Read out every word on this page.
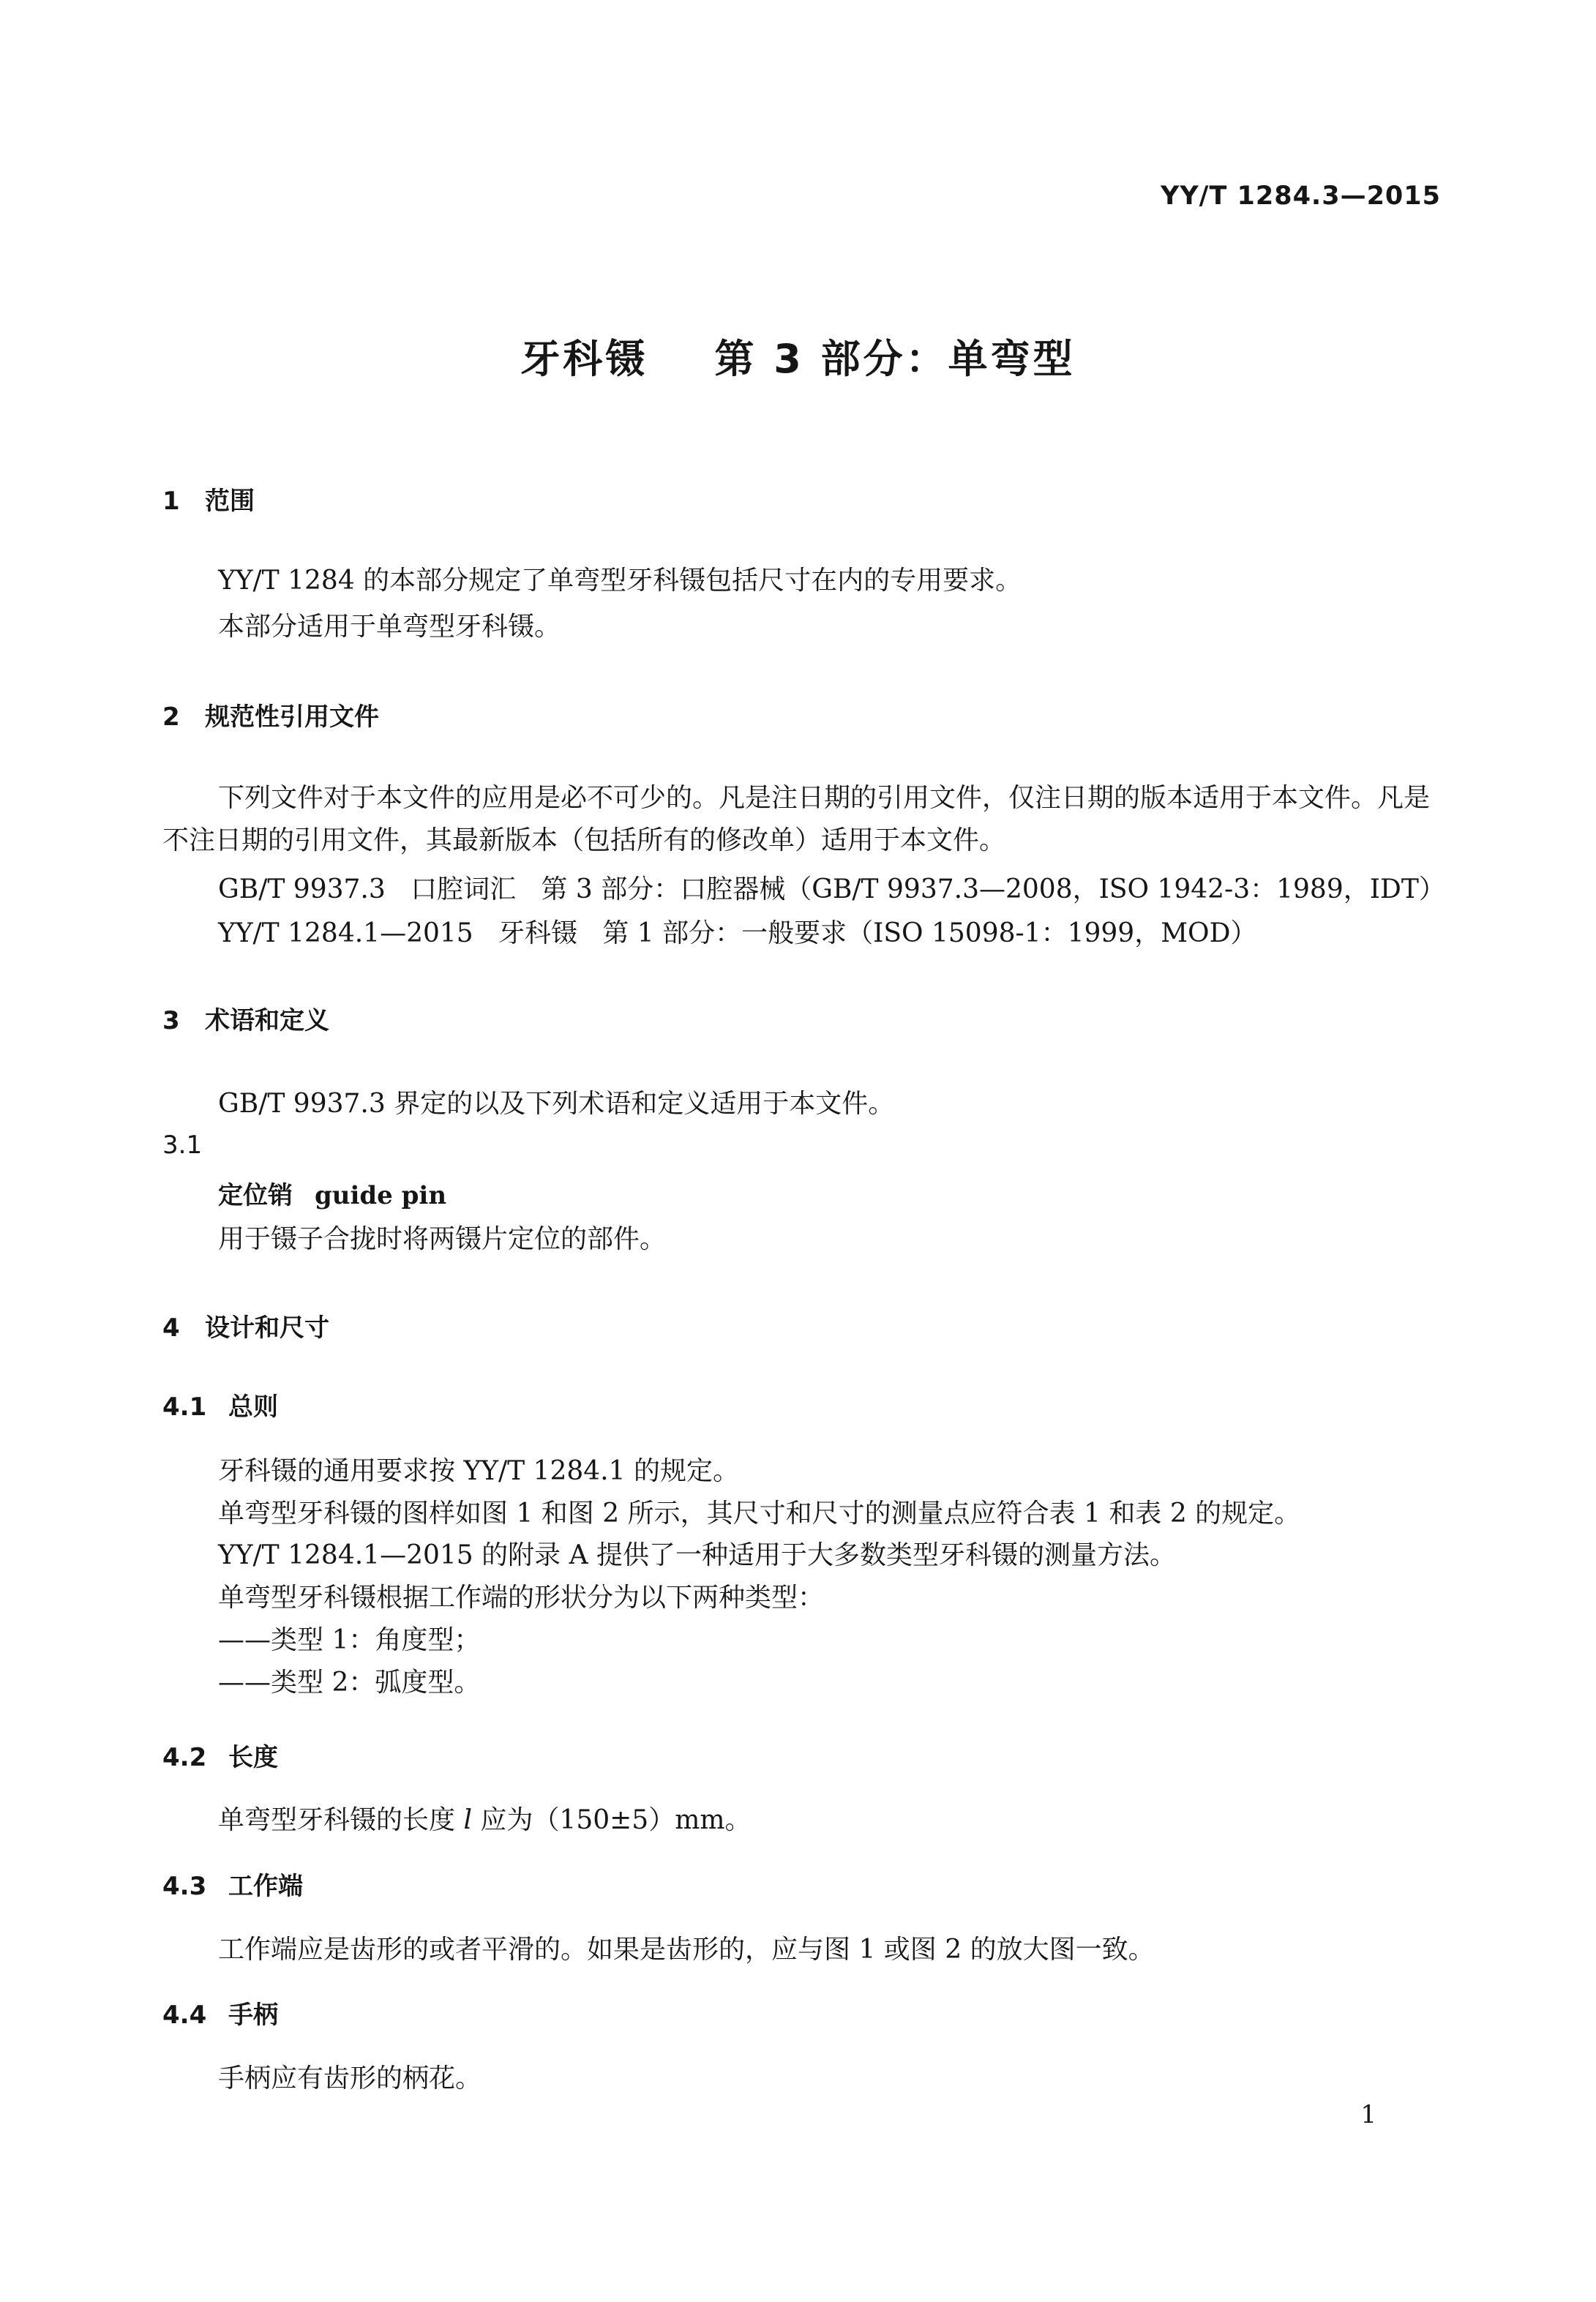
YY/T 1284.3—2015
牙科镊    第 3 部分：单弯型
1 范围
YY/T 1284 的本部分规定了单弯型牙科镊包括尺寸在内的专用要求。
本部分适用于单弯型牙科镊。
2 规范性引用文件
下列文件对于本文件的应用是必不可少的。凡是注日期的引用文件，仅注日期的版本适用于本文件。凡是不注日期的引用文件，其最新版本（包括所有的修改单）适用于本文件。
GB/T 9937.3   口腔词汇   第 3 部分：口腔器械（GB/T 9937.3—2008，ISO 1942-3：1989，IDT）
YY/T 1284.1—2015   牙科镊   第 1 部分：一般要求（ISO 15098-1：1999，MOD）
3 术语和定义
GB/T 9937.3 界定的以及下列术语和定义适用于本文件。
3.1
定位销 guide pin
用于镊子合拢时将两镊片定位的部件。
4 设计和尺寸
4.1 总则
牙科镊的通用要求按 YY/T 1284.1 的规定。
单弯型牙科镊的图样如图 1 和图 2 所示，其尺寸和尺寸的测量点应符合表 1 和表 2 的规定。
YY/T 1284.1—2015 的附录 A 提供了一种适用于大多数类型牙科镊的测量方法。
单弯型牙科镊根据工作端的形状分为以下两种类型：
——类型 1：角度型；
——类型 2：弧度型。
4.2 长度
单弯型牙科镊的长度 l 应为（150±5）mm。
4.3 工作端
工作端应是齿形的或者平滑的。如果是齿形的，应与图 1 或图 2 的放大图一致。
4.4 手柄
手柄应有齿形的柄花。
1
